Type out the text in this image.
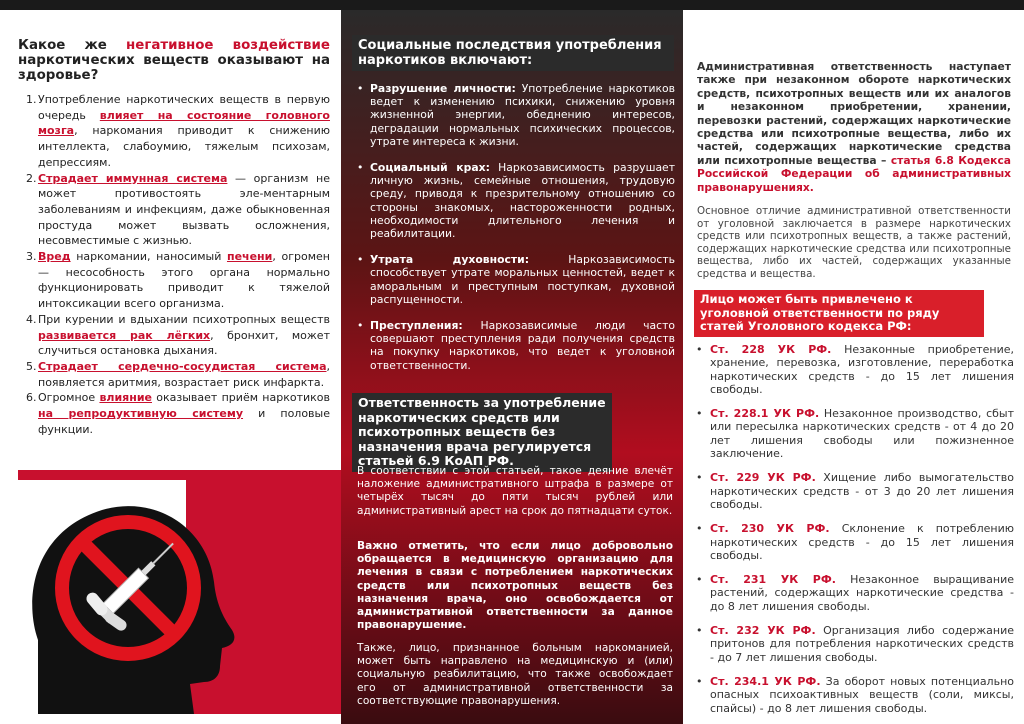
Какое же негативное воздействие наркотических веществ оказывают на здоровье?
1. Употребление наркотических веществ в первую очередь влияет на состояние головного мозга, наркомания приводит к снижению интеллекта, слабоумию, тяжелым психозам, депрессиям.
2. Страдает иммунная система — организм не может противостоять эле-ментарным заболеваниям и инфекциям, даже обыкновенная простуда может вызвать осложнения, несовместимые с жизнью.
3. Вред наркомании, наносимый печени, огромен — несособность этого органа нормально функционировать приводит к тяжелой интоксикации всего организма.
4. При курении и вдыхании психотропных веществ развивается рак лёгких, бронхит, может случиться остановка дыхания.
5. Страдает сердечно-сосудистая система, появляется аритмия, возрастает риск инфаркта.
6. Огромное влияние оказывает приём наркотиков на репродуктивную систему и половые функции.
Социальные последствия употребления наркотиков включают:
• Разрушение личности: Употребление наркотиков ведет к изменению психики, снижению уровня жизненной энергии, обеднению интересов, деградации нормальных психических процессов, утрате интереса к жизни.
• Социальный крах: Наркозависимость разрушает личную жизнь, семейные отношения, трудовую среду, приводя к презрительному отношению со стороны знакомых, настороженности родных, необходимости длительного лечения и реабилитации.
• Утрата духовности: Наркозависимость способствует утрате моральных ценностей, ведет к аморальным и преступным поступкам, духовной распущенности.
• Преступления: Наркозависимые люди часто совершают преступления ради получения средств на покупку наркотиков, что ведет к уголовной ответственности.
Ответственность за употребление наркотических средств или психотропных веществ без назначения врача регулируется статьей 6.9 КоАП РФ.

В соответствии с этой статьей, такое деяние влечёт наложение административного штрафа в размере от четырёх тысяч до пяти тысяч рублей или административный арест на срок до пятнадцати суток.

Важно отметить, что если лицо добровольно обращается в медицинскую организацию для лечения в связи с потреблением наркотических средств или психотропных веществ без назначения врача, оно освобождается от административной ответственности за данное правонарушение.

Также, лицо, признанное больным наркоманией, может быть направлено на медицинскую и (или) социальную реабилитацию, что также освобождает его от административной ответственности за соответствующие правонарушения.

Административная ответственность наступает также при незаконном обороте наркотических средств, психотропных веществ или их аналогов и незаконном приобретении, хранении, перевозки растений, содержащих наркотические средства или психотропные вещества, либо их частей, содержащих наркотические средства или психотропные вещества – статья 6.8 Кодекса Российской Федерации об административных правонарушениях.

Основное отличие административной ответственности от уголовной заключается в размере наркотических средств или психотропных веществ, а также растений, содержащих наркотические средства или психотропные вещества, либо их частей, содержащих указанные средства и вещества.

Лицо может быть привлечено к уголовной ответственности по ряду статей Уголовного кодекса РФ:
• Ст. 228 УК РФ. Незаконные приобретение, хранение, перевозка, изготовление, переработка наркотических средств - до 15 лет лишения свободы.
• Ст. 228.1 УК РФ. Незаконное производство, сбыт или пересылка наркотических средств - от 4 до 20 лет лишения свободы или пожизненное заключение.
• Ст. 229 УК РФ. Хищение либо вымогательство наркотических средств - от 3 до 20 лет лишения свободы.
• Ст. 230 УК РФ. Склонение к потреблению наркотических средств - до 15 лет лишения свободы.
• Ст. 231 УК РФ. Незаконное выращивание растений, содержащих наркотические средства - до 8 лет лишения свободы.
• Ст. 232 УК РФ. Организация либо содержание притонов для потребления наркотических средств - до 7 лет лишения свободы.
• Ст. 234.1 УК РФ. За оборот новых потенциально опасных психоактивных веществ (соли, миксы, спайсы) - до 8 лет лишения свободы.
